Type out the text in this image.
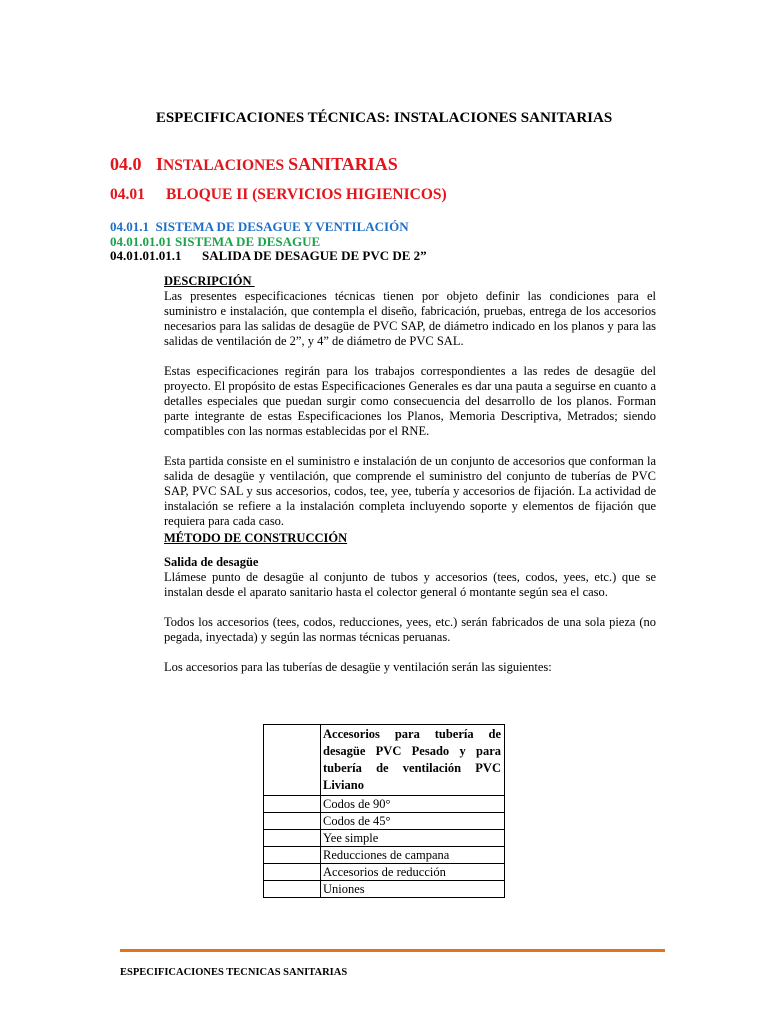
ESPECIFICACIONES TÉCNICAS: INSTALACIONES SANITARIAS
04.0 INSTALACIONES SANITARIAS
04.01 BLOQUE II (SERVICIOS HIGIENICOS)
04.01.1  SISTEMA DE DESAGUE Y VENTILACIÓN
04.01.01.01 SISTEMA DE DESAGUE
04.01.01.01.1 SALIDA DE DESAGUE DE PVC DE 2”

DESCRIPCIÓN

Las presentes especificaciones técnicas tienen por objeto definir las condiciones para el suministro e instalación, que contempla el diseño, fabricación, pruebas, entrega de los accesorios necesarios para las salidas de desagüe de PVC SAP, de diámetro indicado en los planos y para las salidas de ventilación de 2”, y 4” de diámetro de PVC SAL.

Estas especificaciones regirán para los trabajos correspondientes a las redes de desagüe del proyecto. El propósito de estas Especificaciones Generales es dar una pauta a seguirse en cuanto a detalles especiales que puedan surgir como consecuencia del desarrollo de los planos. Forman parte integrante de estas Especificaciones los Planos, Memoria Descriptiva, Metrados; siendo compatibles con las normas establecidas por el RNE.

Esta partida consiste en el suministro e instalación de un conjunto de accesorios que conforman la salida de desagüe y ventilación, que comprende el suministro del conjunto de tuberías de PVC SAP, PVC SAL y sus accesorios, codos, tee, yee, tubería y accesorios de fijación. La actividad de instalación se refiere a la instalación completa incluyendo soporte y elementos de fijación que requiera para cada caso.

MÉTODO DE CONSTRUCCIÓN

Salida de desagüe

Llámese punto de desagüe al conjunto de tubos y accesorios (tees, codos, yees, etc.) que se instalan desde el aparato sanitario hasta el colector general ó montante según sea el caso.

Todos los accesorios (tees, codos, reducciones, yees, etc.) serán fabricados de una sola pieza (no pegada, inyectada) y según las normas técnicas peruanas.

Los accesorios para las tuberías de desagüe y ventilación serán las siguientes:

	Accesorios para tubería de desagüe PVC Pesado y para tubería de ventilación PVC Liviano
	Codos de 90°
	Codos de 45°
	Yee simple
	Reducciones de campana
	Accesorios de reducción
	Uniones
ESPECIFICACIONES TECNICAS SANITARIAS
